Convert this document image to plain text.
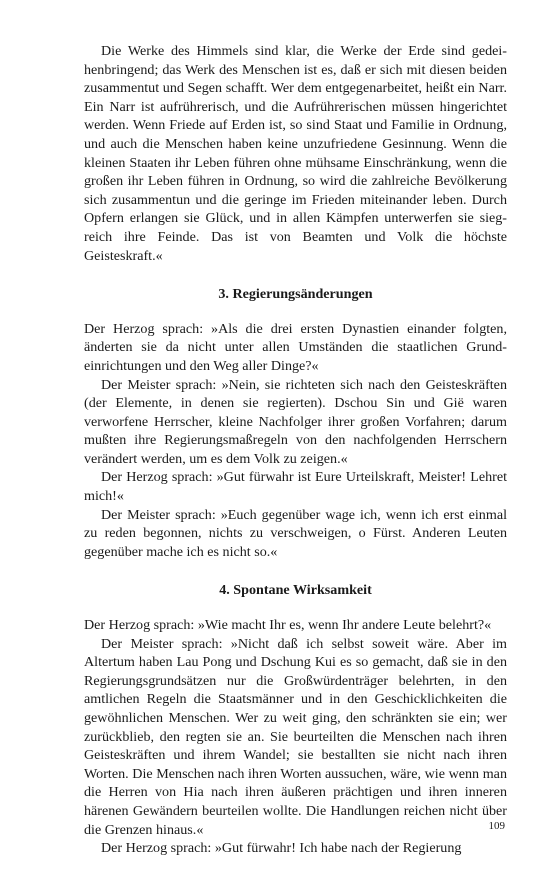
Die Werke des Himmels sind klar, die Werke der Erde sind gedeihenbringend; das Werk des Menschen ist es, daß er sich mit diesen beiden zusammentut und Segen schafft. Wer dem entgegenarbeitet, heißt ein Narr. Ein Narr ist aufrührerisch, und die Aufrührerischen müssen hingerichtet werden. Wenn Friede auf Erden ist, so sind Staat und Familie in Ordnung, und auch die Menschen haben keine unzufriedene Gesinnung. Wenn die kleinen Staaten ihr Leben führen ohne mühsame Einschränkung, wenn die großen ihr Leben führen in Ordnung, so wird die zahlreiche Bevölkerung sich zusammentun und die geringe im Frieden miteinander leben. Durch Opfern erlangen sie Glück, und in allen Kämpfen unterwerfen sie siegreich ihre Feinde. Das ist von Beamten und Volk die höchste Geisteskraft.«

3. Regierungsänderungen

Der Herzog sprach: »Als die drei ersten Dynastien einander folgten, änderten sie da nicht unter allen Umständen die staatlichen Grundeinrichtungen und den Weg aller Dinge?«

Der Meister sprach: »Nein, sie richteten sich nach den Geisteskräften (der Elemente, in denen sie regierten). Dschou Sin und Gië waren verworfene Herrscher, kleine Nachfolger ihrer großen Vorfahren; darum mußten ihre Regierungsmaßregeln von den nachfolgenden Herrschern verändert werden, um es dem Volk zu zeigen.«

Der Herzog sprach: »Gut fürwahr ist Eure Urteilskraft, Meister! Lehret mich!«

Der Meister sprach: »Euch gegenüber wage ich, wenn ich erst einmal zu reden begonnen, nichts zu verschweigen, o Fürst. Anderen Leuten gegenüber mache ich es nicht so.«

4. Spontane Wirksamkeit

Der Herzog sprach: »Wie macht Ihr es, wenn Ihr andere Leute belehrt?«

Der Meister sprach: »Nicht daß ich selbst soweit wäre. Aber im Altertum haben Lau Pong und Dschung Kui es so gemacht, daß sie in den Regierungsgrundsätzen nur die Großwürdenträger belehrten, in den amtlichen Regeln die Staatsmänner und in den Geschicklichkeiten die gewöhnlichen Menschen. Wer zu weit ging, den schränkten sie ein; wer zurückblieb, den regten sie an. Sie beurteilten die Menschen nach ihren Geisteskräften und ihrem Wandel; sie bestallten sie nicht nach ihren Worten. Die Menschen nach ihren Worten aussuchen, wäre, wie wenn man die Herren von Hia nach ihren äußeren prächtigen und ihren inneren härenen Gewändern beurteilen wollte. Die Handlungen reichen nicht über die Grenzen hinaus.«

Der Herzog sprach: »Gut fürwahr! Ich habe nach der Regierung

109
